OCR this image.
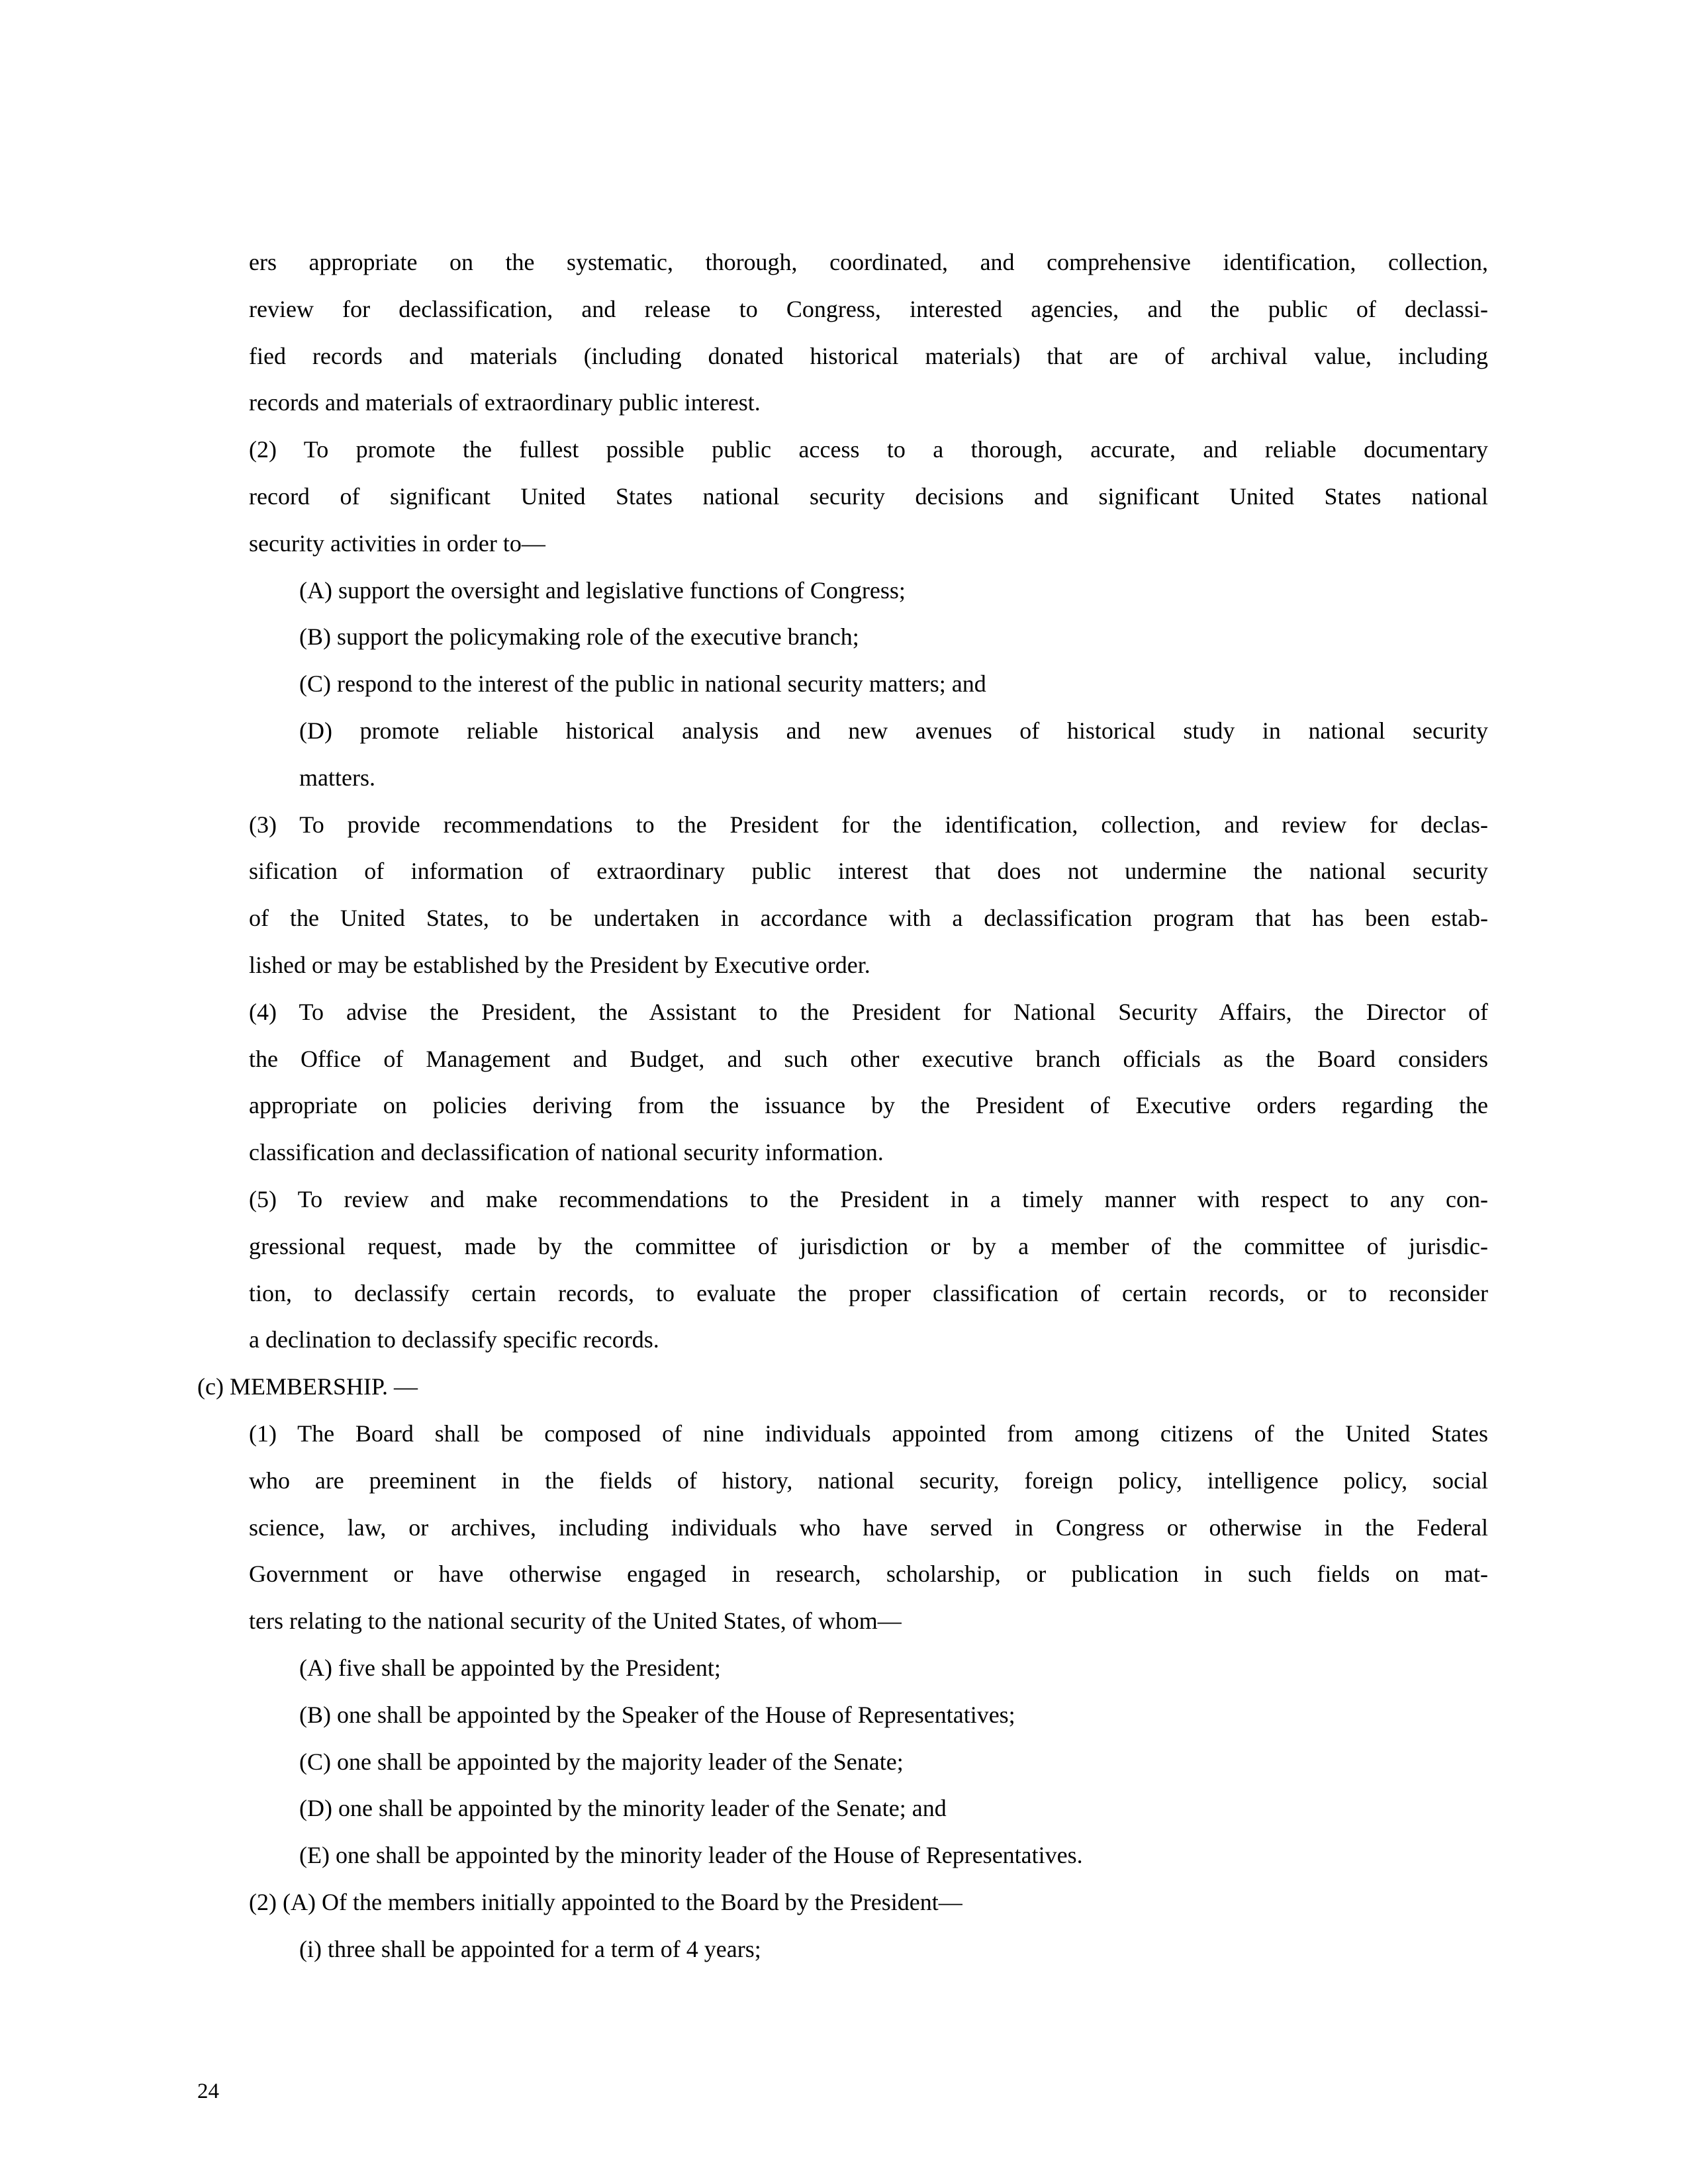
ers appropriate on the systematic, thorough, coordinated, and comprehensive identification, collection,
review for declassification, and release to Congress, interested agencies, and the public of declassi-
fied records and materials (including donated historical materials) that are of archival value, including
records and materials of extraordinary public interest.
(2) To promote the fullest possible public access to a thorough, accurate, and reliable documentary
record of significant United States national security decisions and significant United States national
security activities in order to—
(A) support the oversight and legislative functions of Congress;
(B) support the policymaking role of the executive branch;
(C) respond to the interest of the public in national security matters; and
(D) promote reliable historical analysis and new avenues of historical study in national security
matters.
(3) To provide recommendations to the President for the identification, collection, and review for declas-
sification of information of extraordinary public interest that does not undermine the national security
of the United States, to be undertaken in accordance with a declassification program that has been estab-
lished or may be established by the President by Executive order.
(4) To advise the President, the Assistant to the President for National Security Affairs, the Director of
the Office of Management and Budget, and such other executive branch officials as the Board considers
appropriate on policies deriving from the issuance by the President of Executive orders regarding the
classification and declassification of national security information.
(5) To review and make recommendations to the President in a timely manner with respect to any con-
gressional request, made by the committee of jurisdiction or by a member of the committee of jurisdic-
tion, to declassify certain records, to evaluate the proper classification of certain records, or to reconsider
a declination to declassify specific records.
(c) MEMBERSHIP. —
(1) The Board shall be composed of nine individuals appointed from among citizens of the United States
who are preeminent in the fields of history, national security, foreign policy, intelligence policy, social
science, law, or archives, including individuals who have served in Congress or otherwise in the Federal
Government or have otherwise engaged in research, scholarship, or publication in such fields on mat-
ters relating to the national security of the United States, of whom—
(A) five shall be appointed by the President;
(B) one shall be appointed by the Speaker of the House of Representatives;
(C) one shall be appointed by the majority leader of the Senate;
(D) one shall be appointed by the minority leader of the Senate; and
(E) one shall be appointed by the minority leader of the House of Representatives.
(2) (A) Of the members initially appointed to the Board by the President—
(i) three shall be appointed for a term of 4 years;
24
